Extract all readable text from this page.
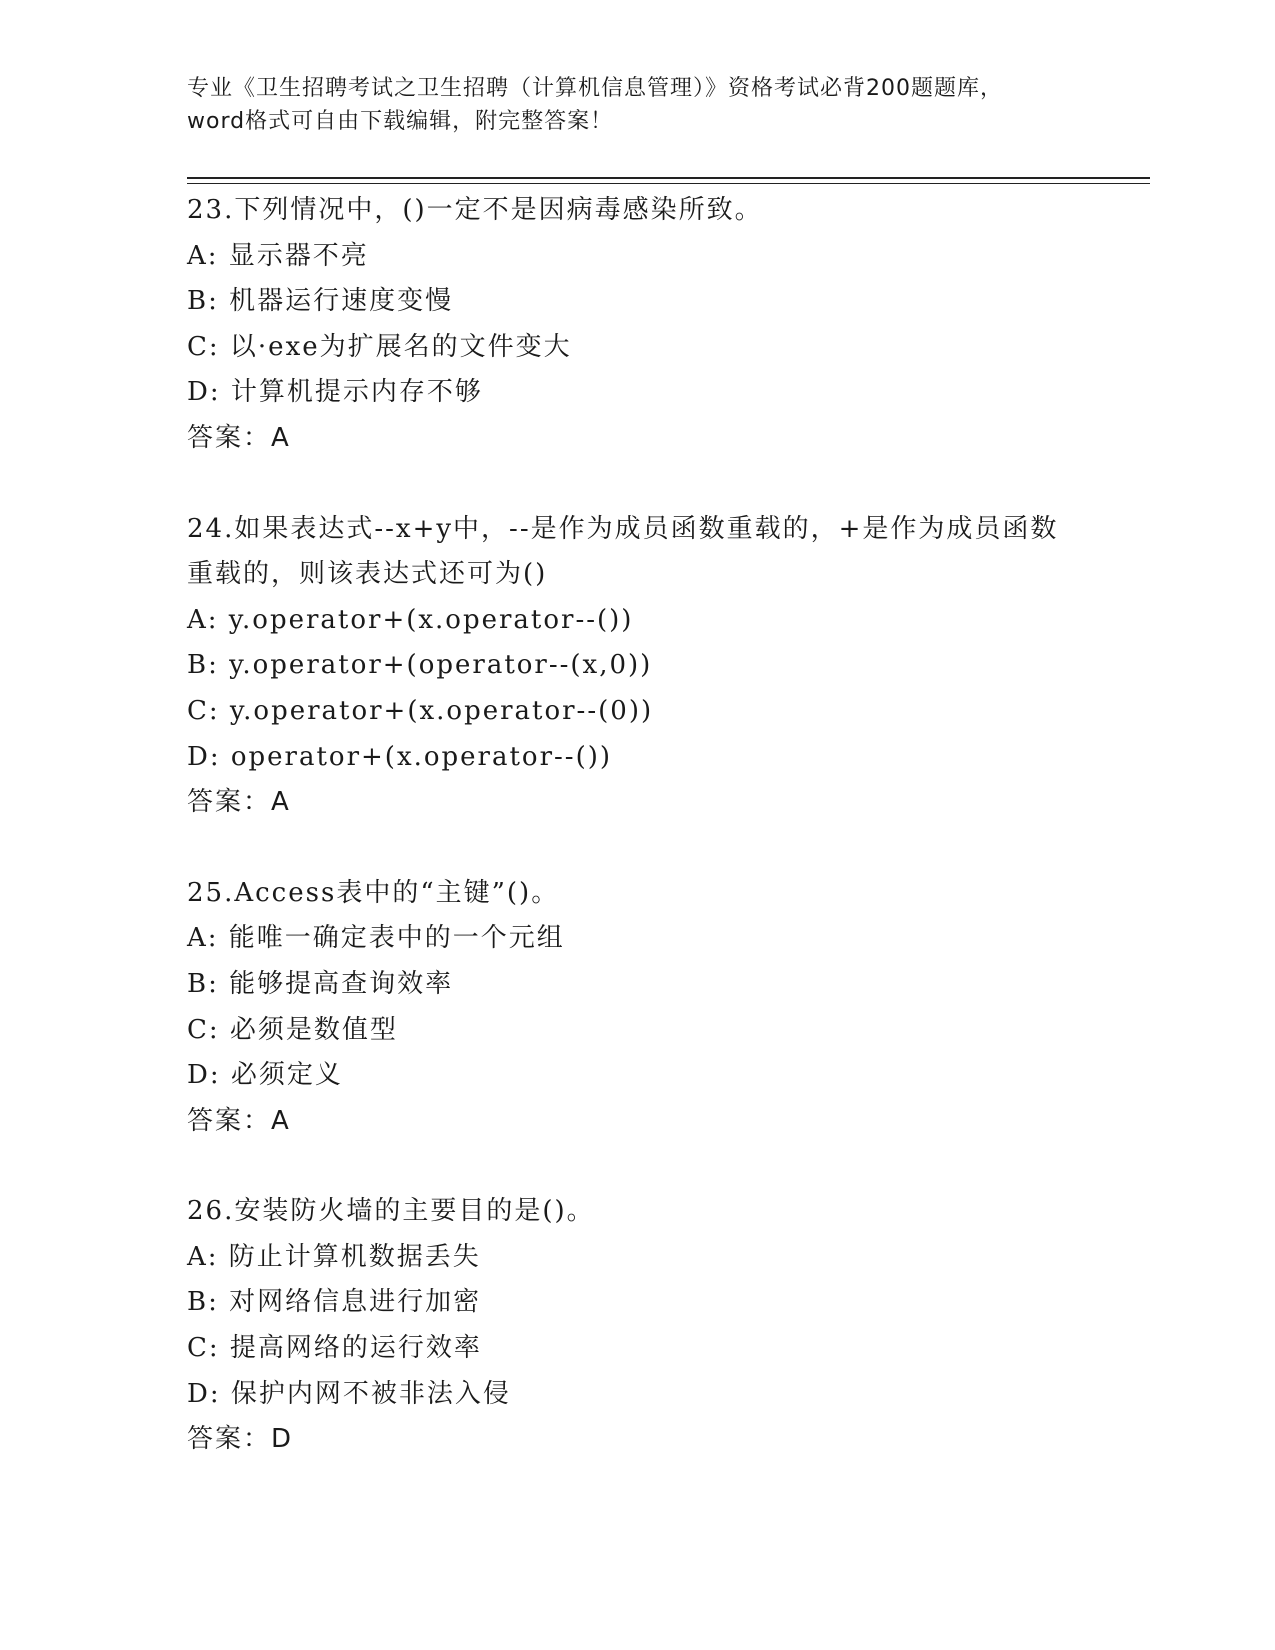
专业《卫生招聘考试之卫生招聘（计算机信息管理）》资格考试必背200题题库，
word格式可自由下载编辑，附完整答案！
23.下列情况中，()一定不是因病毒感染所致。
A: 显示器不亮
B: 机器运行速度变慢
C: 以·exe为扩展名的文件变大
D: 计算机提示内存不够
答案：A
24.如果表达式--x+y中，--是作为成员函数重载的，+是作为成员函数
重载的，则该表达式还可为()
A: y.operator+(x.operator--())
B: y.operator+(operator--(x,0))
C: y.operator+(x.operator--(0))
D: operator+(x.operator--())
答案：A
25.Access表中的“主键”()。
A: 能唯一确定表中的一个元组
B: 能够提高查询效率
C: 必须是数值型
D: 必须定义
答案：A
26.安装防火墙的主要目的是()。
A: 防止计算机数据丢失
B: 对网络信息进行加密
C: 提高网络的运行效率
D: 保护内网不被非法入侵
答案：D
